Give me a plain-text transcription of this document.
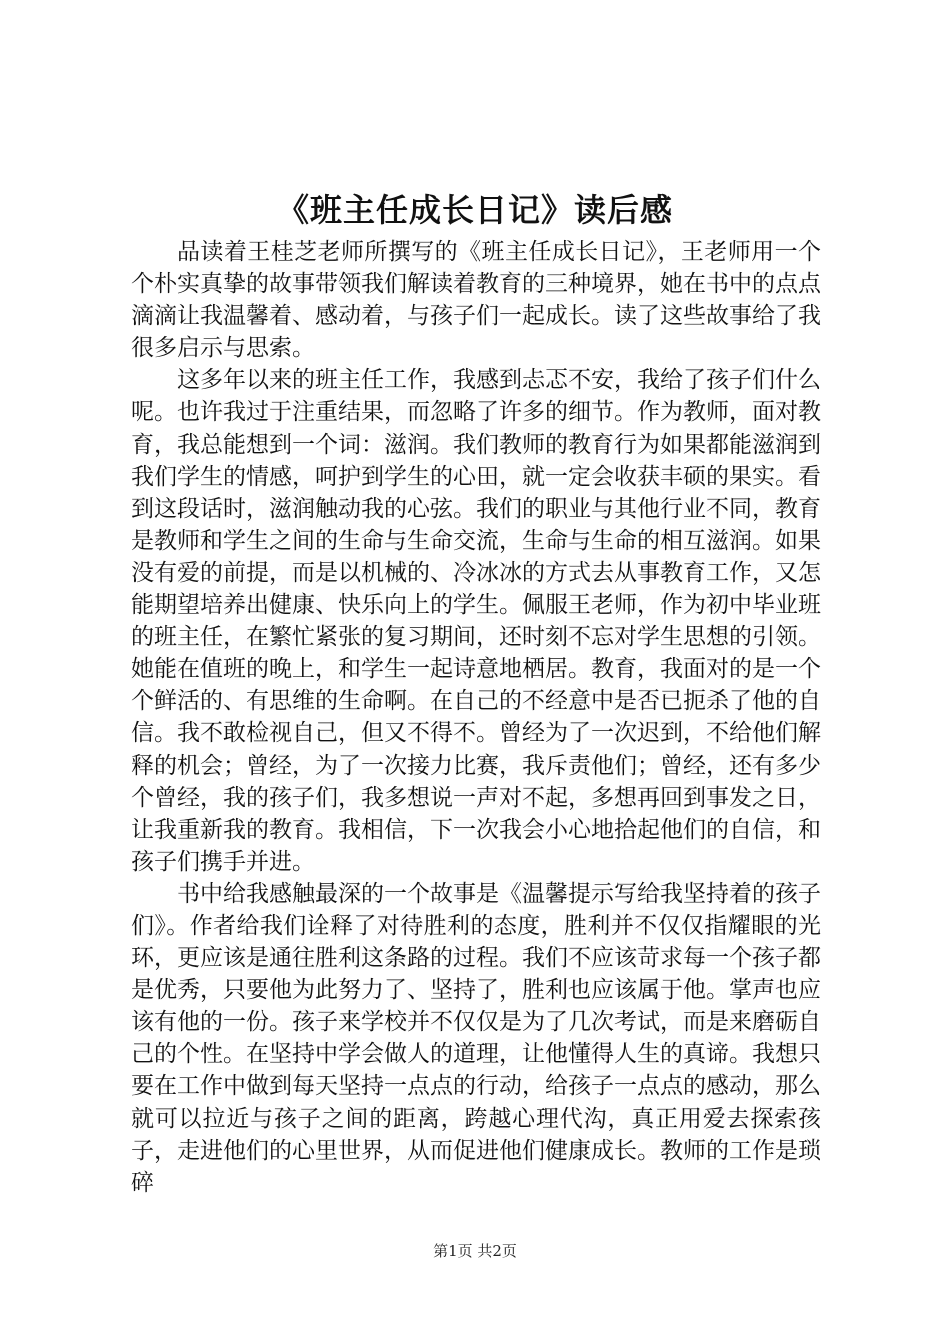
《班主任成长日记》读后感

品读着王桂芝老师所撰写的《班主任成长日记》，王老师用一个个朴实真挚的故事带领我们解读着教育的三种境界，她在书中的点点滴滴让我温馨着、感动着，与孩子们一起成长。读了这些故事给了我很多启示与思索。

这多年以来的班主任工作，我感到忐忑不安，我给了孩子们什么呢。也许我过于注重结果，而忽略了许多的细节。作为教师，面对教育，我总能想到一个词：滋润。我们教师的教育行为如果都能滋润到我们学生的情感，呵护到学生的心田，就一定会收获丰硕的果实。看到这段话时，滋润触动我的心弦。我们的职业与其他行业不同，教育是教师和学生之间的生命与生命交流，生命与生命的相互滋润。如果没有爱的前提，而是以机械的、冷冰冰的方式去从事教育工作，又怎能期望培养出健康、快乐向上的学生。佩服王老师，作为初中毕业班的班主任，在繁忙紧张的复习期间，还时刻不忘对学生思想的引领。她能在值班的晚上，和学生一起诗意地栖居。教育，我面对的是一个个鲜活的、有思维的生命啊。在自己的不经意中是否已扼杀了他的自信。我不敢检视自己，但又不得不。曾经为了一次迟到，不给他们解释的机会；曾经，为了一次接力比赛，我斥责他们；曾经，还有多少个曾经，我的孩子们，我多想说一声对不起，多想再回到事发之日，让我重新我的教育。我相信，下一次我会小心地拾起他们的自信，和孩子们携手并进。

书中给我感触最深的一个故事是《温馨提示写给我坚持着的孩子们》。作者给我们诠释了对待胜利的态度，胜利并不仅仅指耀眼的光环，更应该是通往胜利这条路的过程。我们不应该苛求每一个孩子都是优秀，只要他为此努力了、坚持了，胜利也应该属于他。掌声也应该有他的一份。孩子来学校并不仅仅是为了几次考试，而是来磨砺自己的个性。在坚持中学会做人的道理，让他懂得人生的真谛。我想只要在工作中做到每天坚持一点点的行动，给孩子一点点的感动，那么就可以拉近与孩子之间的距离，跨越心理代沟，真正用爱去探索孩子，走进他们的心里世界，从而促进他们健康成长。教师的工作是琐碎

第1页 共2页
